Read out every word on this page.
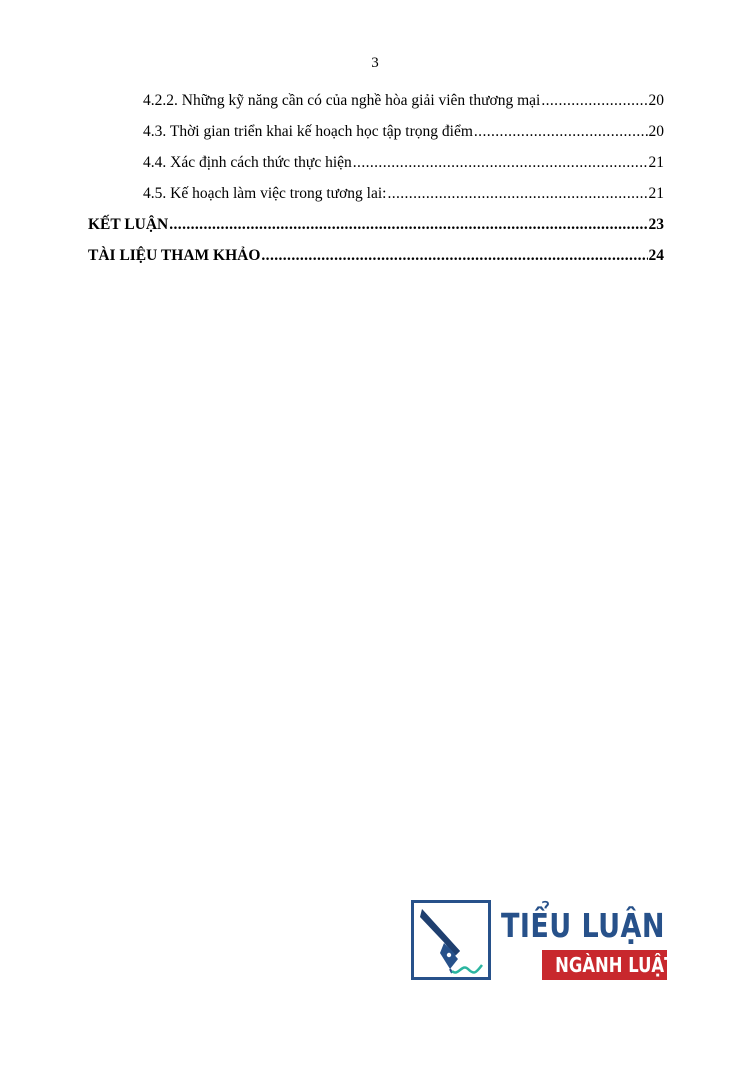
3
4.2.2. Những kỹ năng cần có của nghề hòa giải viên thương mại .....	20
4.3. Thời gian triển khai kế hoạch học tập trọng điểm .....	20
4.4. Xác định cách thức thực hiện .....	21
4.5. Kế hoạch làm việc trong tương lai: .....	21
KẾT LUẬN .....	23
TÀI LIỆU THAM KHẢO .....	24
TIỂU LUẬN
NGÀNH LUẬT
